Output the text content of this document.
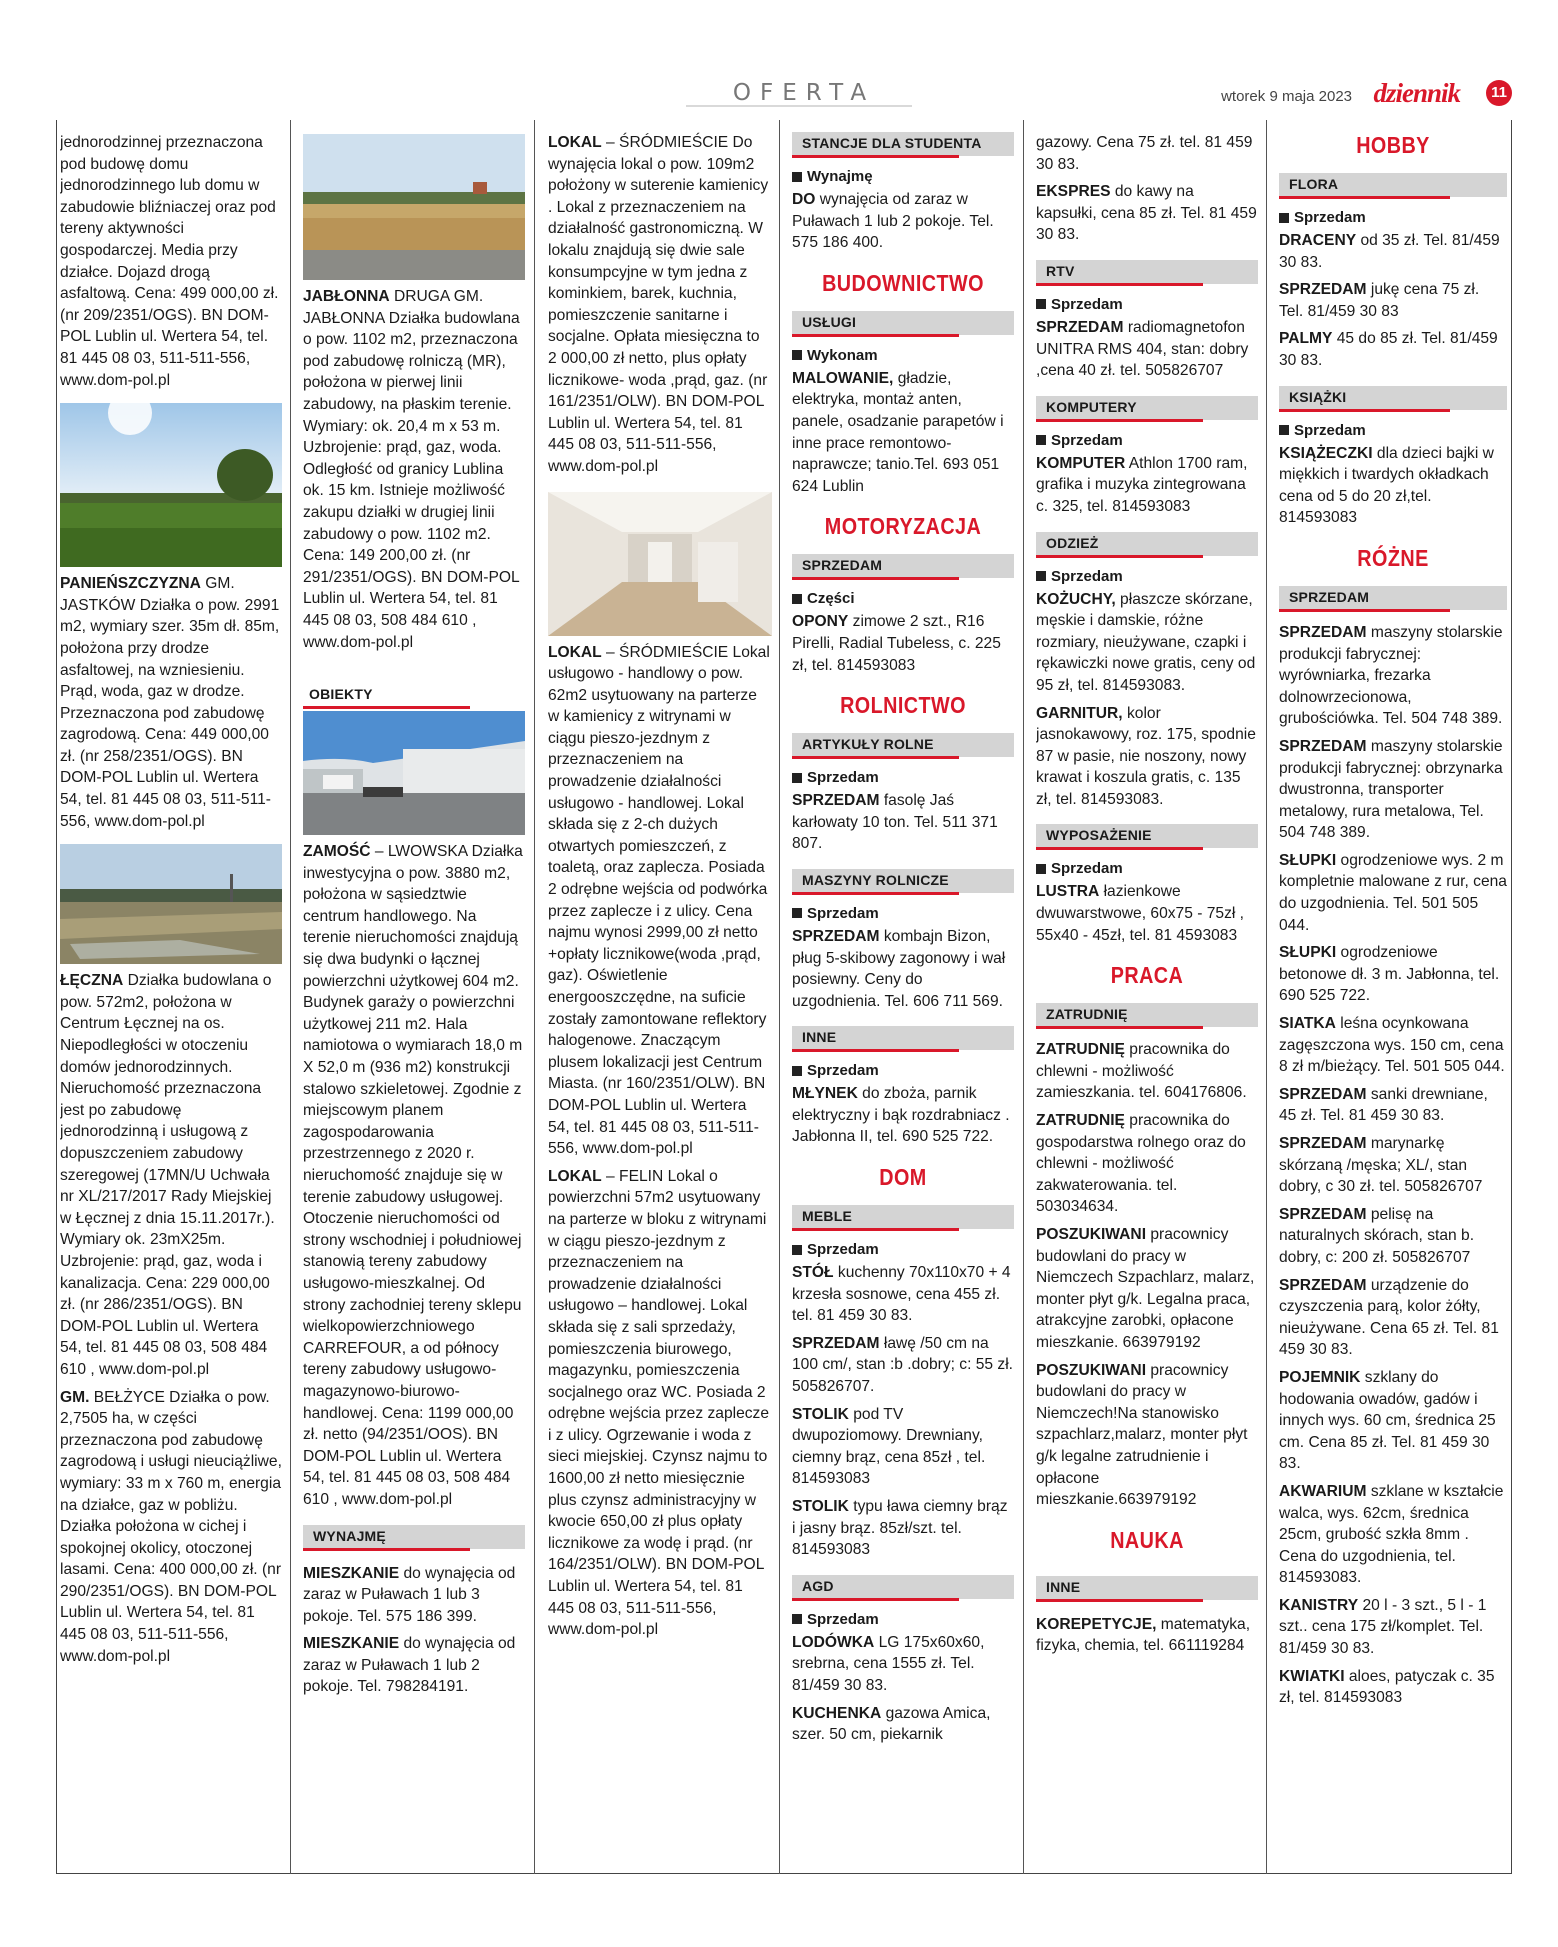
OFERTA	wtorek 9 maja 2023 dziennik	11

jednorodzinnej przeznaczona pod budowę domu jednorodzinnego lub domu w zabudowie bliźniaczej oraz pod tereny aktywności gospodarczej. Media przy działce. Dojazd drogą asfaltową. Cena: 499 000,00 zł. (nr 209/2351/OGS). BN DOM-POL Lublin ul. Wertera 54, tel. 81 445 08 03, 511-511-556, www.dom-pol.pl

PANIEŃSZCZYZNA GM. JASTKÓW Działka o pow. 2991 m2, wymiary szer. 35m dł. 85m, położona przy drodze asfaltowej, na wzniesieniu. Prąd, woda, gaz w drodze. Przeznaczona pod zabudowę zagrodową. Cena: 449 000,00 zł. (nr 258/2351/OGS). BN DOM-POL Lublin ul. Wertera 54, tel. 81 445 08 03, 511-511-556, www.dom-pol.pl

ŁĘCZNA Działka budowlana o pow. 572m2, położona w Centrum Łęcznej na os. Niepodległości w otoczeniu domów jednorodzinnych. Nieruchomość przeznaczona jest po zabudowę jednorodzinną i usługową z dopuszczeniem zabudowy szeregowej (17MN/U Uchwała nr XL/217/2017 Rady Miejskiej w Łęcznej z dnia 15.11.2017r.). Wymiary ok. 23mX25m. Uzbrojenie: prąd, gaz, woda i kanalizacja. Cena: 229 000,00 zł. (nr 286/2351/OGS). BN DOM-POL Lublin ul. Wertera 54, tel. 81 445 08 03, 508 484 610 , www.dom-pol.pl

GM. BEŁŻYCE Działka o pow. 2,7505 ha, w części przeznaczona pod zabudowę zagrodową i usługi nieuciążliwe, wymiary: 33 m x 760 m, energia na działce, gaz w pobliżu. Działka położona w cichej i spokojnej okolicy, otoczonej lasami. Cena: 400 000,00 zł. (nr 290/2351/OGS). BN DOM-POL Lublin ul. Wertera 54, tel. 81 445 08 03, 511-511-556, www.dom-pol.pl

JABŁONNA DRUGA GM. JABŁONNA Działka budowlana o pow. 1102 m2, przeznaczona pod zabudowę rolniczą (MR), położona w pierwej linii zabudowy, na płaskim terenie. Wymiary: ok. 20,4 m x 53 m. Uzbrojenie: prąd, gaz, woda. Odległość od granicy Lublina ok. 15 km. Istnieje możliwość zakupu działki w drugiej linii zabudowy o pow. 1102 m2. Cena: 149 200,00 zł. (nr 291/2351/OGS). BN DOM-POL Lublin ul. Wertera 54, tel. 81 445 08 03, 508 484 610 , www.dom-pol.pl

OBIEKTY

ZAMOŚĆ – LWOWSKA Działka inwestycyjna o pow. 3880 m2, położona w sąsiedztwie centrum handlowego. Na terenie nieruchomości znajdują się dwa budynki o łącznej powierzchni użytkowej 604 m2. Budynek garaży o powierzchni użytkowej 211 m2. Hala namiotowa o wymiarach 18,0 m X 52,0 m (936 m2) konstrukcji stalowo szkieletowej. Zgodnie z miejscowym planem zagospodarowania przestrzennego z 2020 r. nieruchomość znajduje się w terenie zabudowy usługowej. Otoczenie nieruchomości od strony wschodniej i południowej stanowią tereny zabudowy usługowo-mieszkalnej. Od strony zachodniej tereny sklepu wielkopowierzchniowego CARREFOUR, a od północy tereny zabudowy usługowo-magazynowo-biurowo-handlowej. Cena: 1199 000,00 zł. netto (94/2351/OOS). BN DOM-POL Lublin ul. Wertera 54, tel. 81 445 08 03, 508 484 610 , www.dom-pol.pl

WYNAJMĘ

MIESZKANIE do wynajęcia od zaraz w Puławach 1 lub 3 pokoje. Tel. 575 186 399.

MIESZKANIE do wynajęcia od zaraz w Puławach 1 lub 2 pokoje. Tel. 798284191.

LOKAL – ŚRÓDMIEŚCIE Do wynajęcia lokal o pow. 109m2 położony w suterenie kamienicy . Lokal z przeznaczeniem na działalność gastronomiczną. W lokalu znajdują się dwie sale konsumpcyjne w tym jedna z kominkiem, barek, kuchnia, pomieszczenie sanitarne i socjalne. Opłata miesięczna to 2 000,00 zł netto, plus opłaty licznikowe- woda ,prąd, gaz. (nr 161/2351/OLW). BN DOM-POL Lublin ul. Wertera 54, tel. 81 445 08 03, 511-511-556, www.dom-pol.pl

LOKAL – ŚRÓDMIEŚCIE Lokal usługowo - handlowy o pow. 62m2 usytuowany na parterze w kamienicy z witrynami w ciągu pieszo-jezdnym z przeznaczeniem na prowadzenie działalności usługowo - handlowej. Lokal składa się z 2-ch dużych otwartych pomieszczeń, z toaletą, oraz zaplecza. Posiada 2 odrębne wejścia od podwórka przez zaplecze i z ulicy. Cena najmu wynosi 2999,00 zł netto +opłaty licznikowe(woda ,prąd, gaz). Oświetlenie energooszczędne, na suficie zostały zamontowane reflektory halogenowe. Znaczącym plusem lokalizacji jest Centrum Miasta. (nr 160/2351/OLW). BN DOM-POL Lublin ul. Wertera 54, tel. 81 445 08 03, 511-511-556, www.dom-pol.pl

LOKAL – FELIN Lokal o powierzchni 57m2 usytuowany na parterze w bloku z witrynami w ciągu pieszo-jezdnym z przeznaczeniem na prowadzenie działalności usługowo – handlowej. Lokal składa się z sali sprzedaży, pomieszczenia biurowego, magazynku, pomieszczenia socjalnego oraz WC. Posiada 2 odrębne wejścia przez zaplecze i z ulicy. Ogrzewanie i woda z sieci miejskiej. Czynsz najmu to 1600,00 zł netto miesięcznie plus czynsz administracyjny w kwocie 650,00 zł plus opłaty licznikowe za wodę i prąd. (nr 164/2351/OLW). BN DOM-POL Lublin ul. Wertera 54, tel. 81 445 08 03, 511-511-556, www.dom-pol.pl

STANCJE DLA STUDENTA
Wynajmę

DO wynajęcia od zaraz w Puławach 1 lub 2 pokoje. Tel. 575 186 400.

BUDOWNICTWO
USŁUGI
Wykonam

MALOWANIE, gładzie, elektryka, montaż anten, panele, osadzanie parapetów i inne prace remontowo-naprawcze; tanio.Tel. 693 051 624 Lublin

MOTORYZACJA
SPRZEDAM
Części

OPONY zimowe 2 szt., R16 Pirelli, Radial Tubeless, c. 225 zł, tel. 814593083

ROLNICTWO
ARTYKUŁY ROLNE
Sprzedam

SPRZEDAM fasolę Jaś karłowaty 10 ton. Tel. 511 371 807.

MASZYNY ROLNICZE
Sprzedam

SPRZEDAM kombajn Bizon, pług 5-skibowy zagonowy i wał posiewny. Ceny do uzgodnienia. Tel. 606 711 569.

INNE
Sprzedam

MŁYNEK do zboża, parnik elektryczny i bąk rozdrabniacz . Jabłonna II, tel. 690 525 722.

DOM
MEBLE
Sprzedam

STÓŁ kuchenny 70x110x70 + 4 krzesła sosnowe, cena 455 zł. tel. 81 459 30 83.

SPRZEDAM ławę /50 cm na 100 cm/, stan :b .dobry; c: 55 zł. 505826707.

STOLIK pod TV dwupoziomowy. Drewniany, ciemny brąz, cena 85zł , tel. 814593083

STOLIK typu ława ciemny brąz i jasny brąz. 85zł/szt. tel. 814593083

AGD
Sprzedam

LODÓWKA LG 175x60x60, srebrna, cena 1555 zł. Tel. 81/459 30 83.

KUCHENKA gazowa Amica, szer. 50 cm, piekarnik

gazowy. Cena 75 zł. tel. 81 459 30 83.

EKSPRES do kawy na kapsułki, cena 85 zł. Tel. 81 459 30 83.

RTV
Sprzedam

SPRZEDAM radiomagnetofon UNITRA RMS 404, stan: dobry ,cena 40 zł. tel. 505826707

KOMPUTERY
Sprzedam

KOMPUTER Athlon 1700 ram, grafika i muzyka zintegrowana c. 325, tel. 814593083

ODZIEŻ
Sprzedam

KOŻUCHY, płaszcze skórzane, męskie i damskie, różne rozmiary, nieużywane, czapki i rękawiczki nowe gratis, ceny od 95 zł, tel. 814593083.

GARNITUR, kolor jasnokawowy, roz. 175, spodnie 87 w pasie, nie noszony, nowy krawat i koszula gratis, c. 135 zł, tel. 814593083.

WYPOSAŻENIE
Sprzedam

LUSTRA łazienkowe dwuwarstwowe, 60x75 - 75zł , 55x40 - 45zł, tel. 81 4593083

PRACA
ZATRUDNIĘ

ZATRUDNIĘ pracownika do chlewni - możliwość zamieszkania. tel. 604176806.

ZATRUDNIĘ pracownika do gospodarstwa rolnego oraz do chlewni - możliwość zakwaterowania. tel. 503034634.

POSZUKIWANI pracownicy budowlani do pracy w Niemczech Szpachlarz, malarz, monter płyt g/k. Legalna praca, atrakcyjne zarobki, opłacone mieszkanie. 663979192

POSZUKIWANI pracownicy budowlani do pracy w Niemczech!Na stanowisko szpachlarz,malarz, monter płyt g/k legalne zatrudnienie i opłacone mieszkanie.663979192

NAUKA
INNE

KOREPETYCJE, matematyka, fizyka, chemia, tel. 661119284

HOBBY
FLORA
Sprzedam

DRACENY od 35 zł. Tel. 81/459 30 83.

SPRZEDAM jukę cena 75 zł. Tel. 81/459 30 83

PALMY 45 do 85 zł. Tel. 81/459 30 83.

KSIĄŻKI
Sprzedam

KSIĄŻECZKI dla dzieci bajki w miękkich i twardych okładkach cena od 5 do 20 zł,tel. 814593083

RÓŻNE
SPRZEDAM

SPRZEDAM maszyny stolarskie produkcji fabrycznej: wyrówniarka, frezarka dolnowrzecionowa, grubościówka. Tel. 504 748 389.

SPRZEDAM maszyny stolarskie produkcji fabrycznej: obrzynarka dwustronna, transporter metalowy, rura metalowa, Tel. 504 748 389.

SŁUPKI ogrodzeniowe wys. 2 m kompletnie malowane z rur, cena do uzgodnienia. Tel. 501 505 044.

SŁUPKI ogrodzeniowe betonowe dł. 3 m. Jabłonna, tel. 690 525 722.

SIATKA leśna ocynkowana zagęszczona wys. 150 cm, cena 8 zł m/bieżący. Tel. 501 505 044.

SPRZEDAM sanki drewniane, 45 zł. Tel. 81 459 30 83.

SPRZEDAM marynarkę skórzaną /męska; XL/, stan dobry, c 30 zł. tel. 505826707

SPRZEDAM pelisę na naturalnych skórach, stan b. dobry, c: 200 zł. 505826707

SPRZEDAM urządzenie do czyszczenia parą, kolor żółty, nieużywane. Cena 65 zł. Tel. 81 459 30 83.

POJEMNIK szklany do hodowania owadów, gadów i innych wys. 60 cm, średnica 25 cm. Cena 85 zł. Tel. 81 459 30 83.

AKWARIUM szklane w kształcie walca, wys. 62cm, średnica 25cm, grubość szkła 8mm . Cena do uzgodnienia, tel. 814593083.

KANISTRY 20 l - 3 szt., 5 l - 1 szt.. cena 175 zł/komplet. Tel. 81/459 30 83.

KWIATKI aloes, patyczak c. 35 zł, tel. 814593083
